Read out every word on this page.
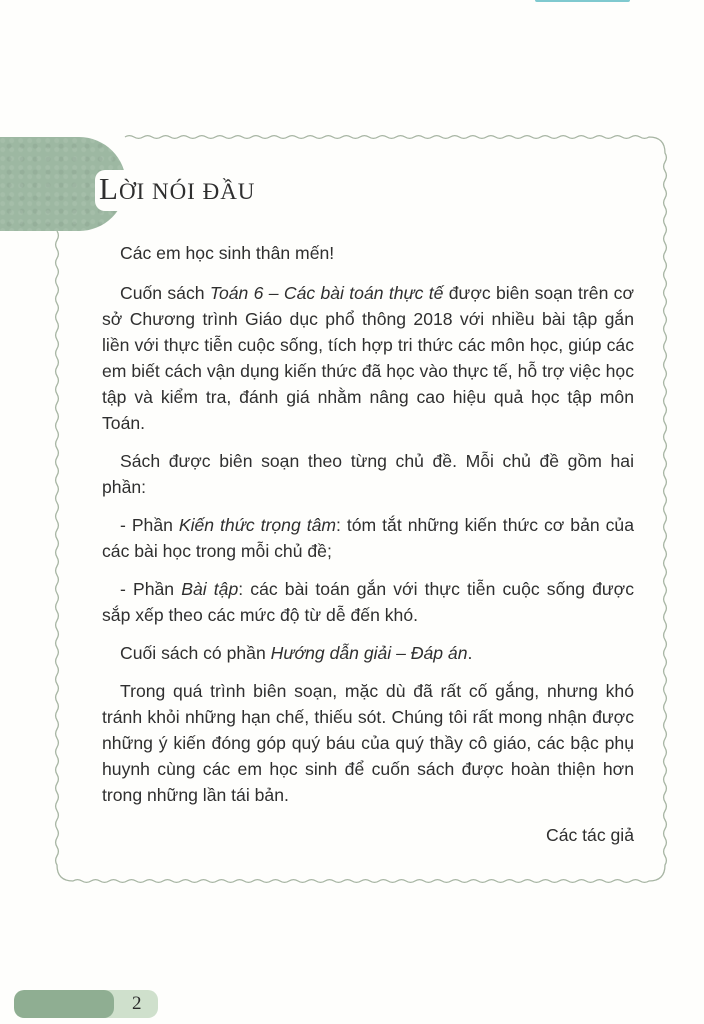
LỜI NÓI ĐẦU

Các em học sinh thân mến!

Cuốn sách Toán 6 – Các bài toán thực tế được biên soạn trên cơ sở Chương trình Giáo dục phổ thông 2018 với nhiều bài tập gắn liền với thực tiễn cuộc sống, tích hợp tri thức các môn học, giúp các em biết cách vận dụng kiến thức đã học vào thực tế, hỗ trợ việc học tập và kiểm tra, đánh giá nhằm nâng cao hiệu quả học tập môn Toán.

Sách được biên soạn theo từng chủ đề. Mỗi chủ đề gồm hai phần:

- Phần Kiến thức trọng tâm: tóm tắt những kiến thức cơ bản của các bài học trong mỗi chủ đề;

- Phần Bài tập: các bài toán gắn với thực tiễn cuộc sống được sắp xếp theo các mức độ từ dễ đến khó.

Cuối sách có phần Hướng dẫn giải – Đáp án.

Trong quá trình biên soạn, mặc dù đã rất cố gắng, nhưng khó tránh khỏi những hạn chế, thiếu sót. Chúng tôi rất mong nhận được những ý kiến đóng góp quý báu của quý thầy cô giáo, các bậc phụ huynh cùng các em học sinh để cuốn sách được hoàn thiện hơn trong những lần tái bản.

Các tác giả

2
